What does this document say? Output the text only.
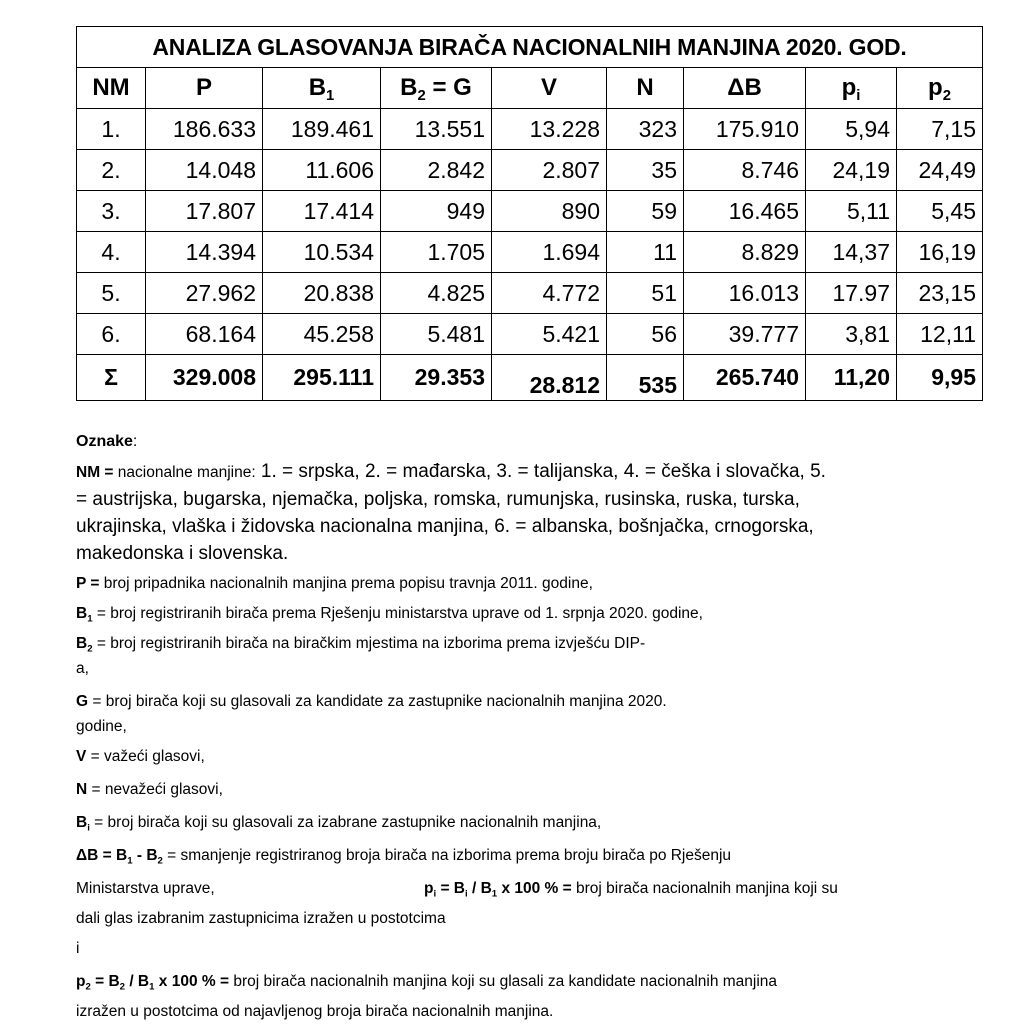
ANALIZA GLASOVANJA BIRAČA NACIONALNIH MANJINA 2020. GOD.								
NM	P	$B_1$	$B_2 = G$	V	N	ΔB	$p_i$	$p_2$
1.	186.633	189.461	13.551	13.228	323	175.910	5,94	7,15
2.	14.048	11.606	2.842	2.807	35	8.746	24,19	24,49
3.	17.807	17.414	949	890	59	16.465	5,11	5,45
4.	14.394	10.534	1.705	1.694	11	8.829	14,37	16,19
5.	27.962	20.838	4.825	4.772	51	16.013	17.97	23,15
6.	68.164	45.258	5.481	5.421	56	39.777	3,81	12,11
Σ	329.008	295.111	29.353	28.812	535	265.740	11,20	9,95

Oznake:

NM = nacionalne manjine: 1. = srpska, 2. = mađarska, 3. = talijanska, 4. = češka i slovačka, 5.

= austrijska, bugarska, njemačka, poljska, romska, rumunjska, rusinska, ruska, turska,

ukrajinska, vlaška i židovska nacionalna manjina, 6. = albanska, bošnjačka, crnogorska,

makedonska i slovenska.

P = broj pripadnika nacionalnih manjina prema popisu travnja 2011. godine,

$B_1$ = broj registriranih birača prema Rješenju ministarstva uprave od 1. srpnja 2020. godine,

$B_2$ = broj registriranih birača na biračkim mjestima na izborima prema izvješću DIP-

a,

G = broj birača koji su glasovali za kandidate za zastupnike nacionalnih manjina 2020.

godine,

V = važeći glasovi,

N = nevažeći glasovi,

$B_i$ = broj birača koji su glasovali za izabrane zastupnike nacionalnih manjina,

$\Delta B = B_1 - B_2$ = smanjenje registriranog broja birača na izborima prema broju birača po Rješenju

Ministarstva uprave,	$p_i = B_i / B_1$ x 100 % = broj birača nacionalnih manjina koji su

dali glas izabranim zastupnicima izražen u postotcima

i

$p_2 = B_2 / B_1$ x 100 % = broj birača nacionalnih manjina koji su glasali za kandidate nacionalnih manjina

izražen u postotcima od najavljenog broja birača nacionalnih manjina.
